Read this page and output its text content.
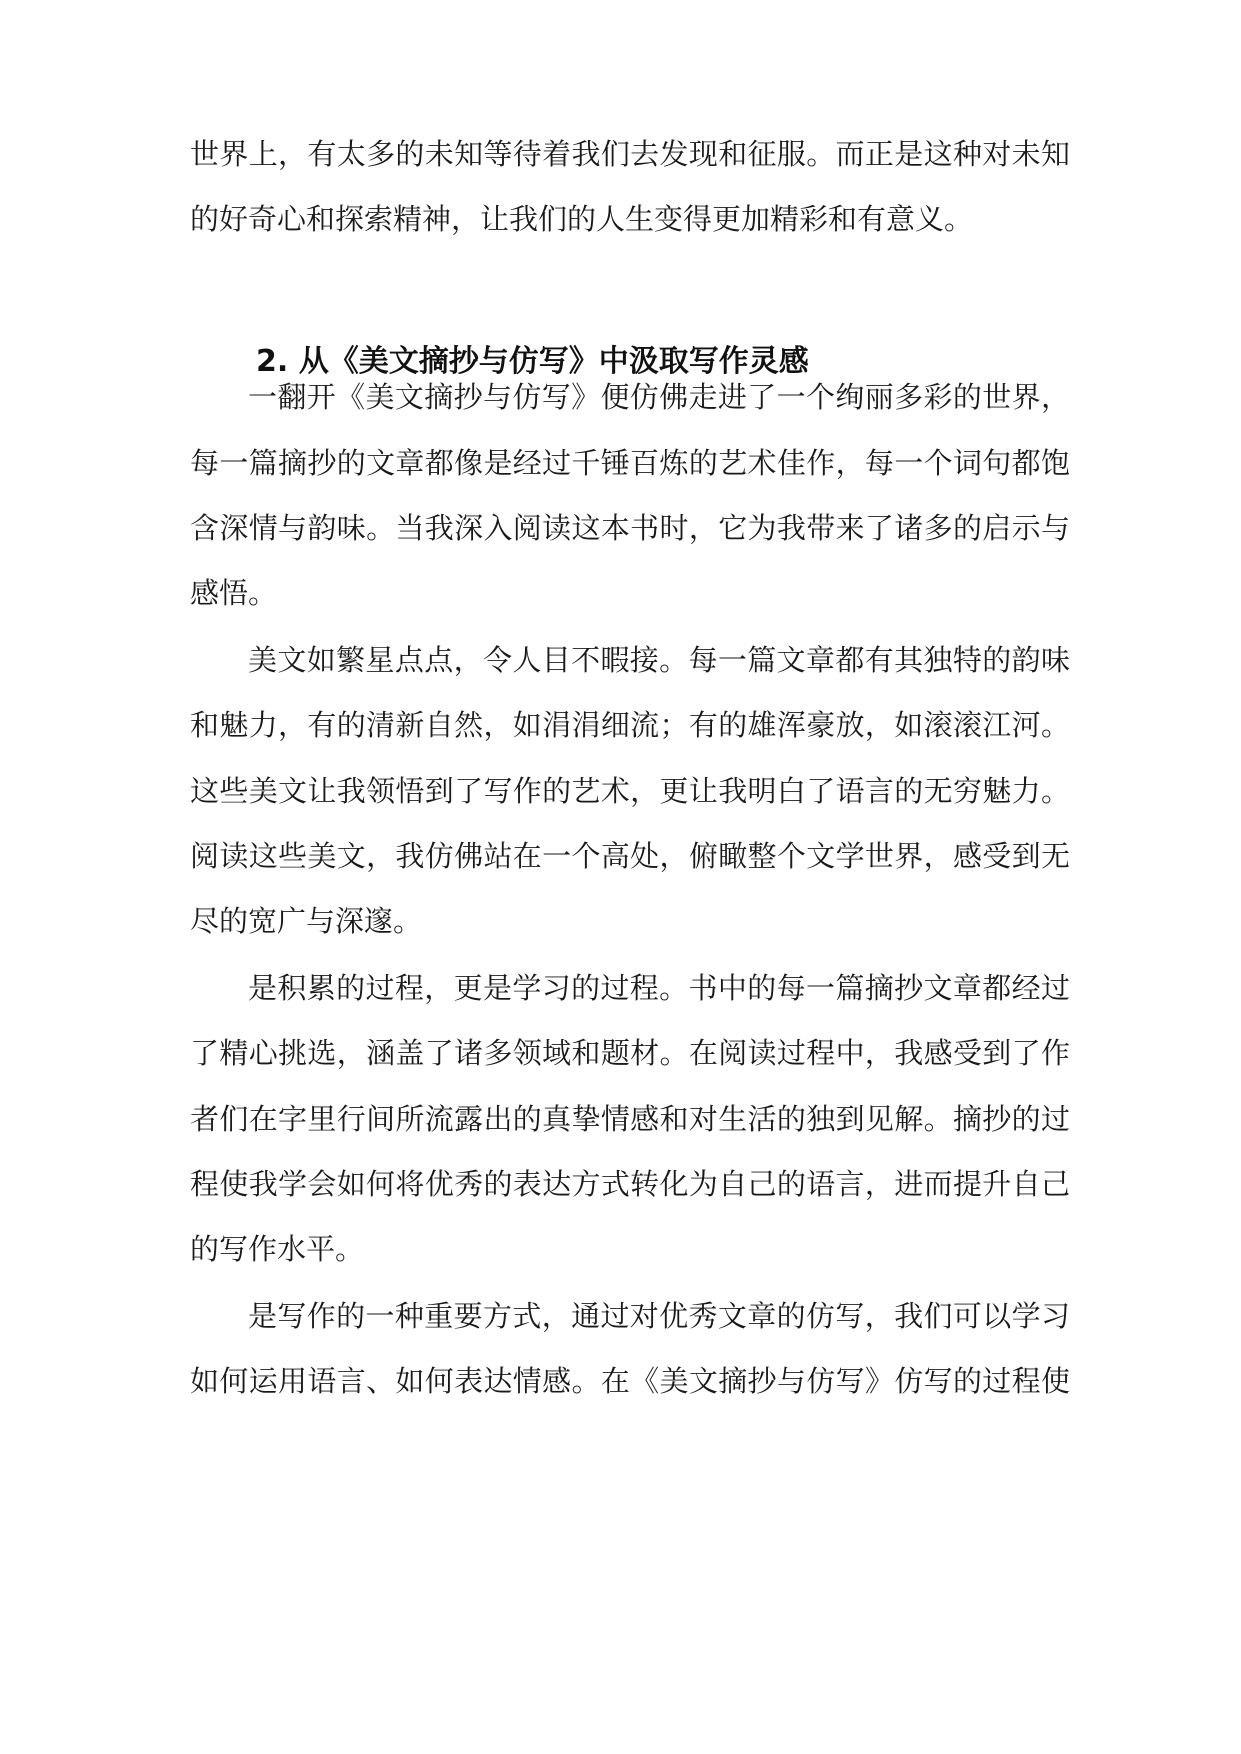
世界上，有太多的未知等待着我们去发现和征服。而正是这种对未知
的好奇心和探索精神，让我们的人生变得更加精彩和有意义。
2. 从《美文摘抄与仿写》中汲取写作灵感
一翻开《美文摘抄与仿写》便仿佛走进了一个绚丽多彩的世界，
每一篇摘抄的文章都像是经过千锤百炼的艺术佳作，每一个词句都饱
含深情与韵味。当我深入阅读这本书时，它为我带来了诸多的启示与
感悟。
美文如繁星点点，令人目不暇接。每一篇文章都有其独特的韵味
和魅力，有的清新自然，如涓涓细流；有的雄浑豪放，如滚滚江河。
这些美文让我领悟到了写作的艺术，更让我明白了语言的无穷魅力。
阅读这些美文，我仿佛站在一个高处，俯瞰整个文学世界，感受到无
尽的宽广与深邃。
是积累的过程，更是学习的过程。书中的每一篇摘抄文章都经过
了精心挑选，涵盖了诸多领域和题材。在阅读过程中，我感受到了作
者们在字里行间所流露出的真挚情感和对生活的独到见解。摘抄的过
程使我学会如何将优秀的表达方式转化为自己的语言，进而提升自己
的写作水平。
是写作的一种重要方式，通过对优秀文章的仿写，我们可以学习
如何运用语言、如何表达情感。在《美文摘抄与仿写》仿写的过程使
